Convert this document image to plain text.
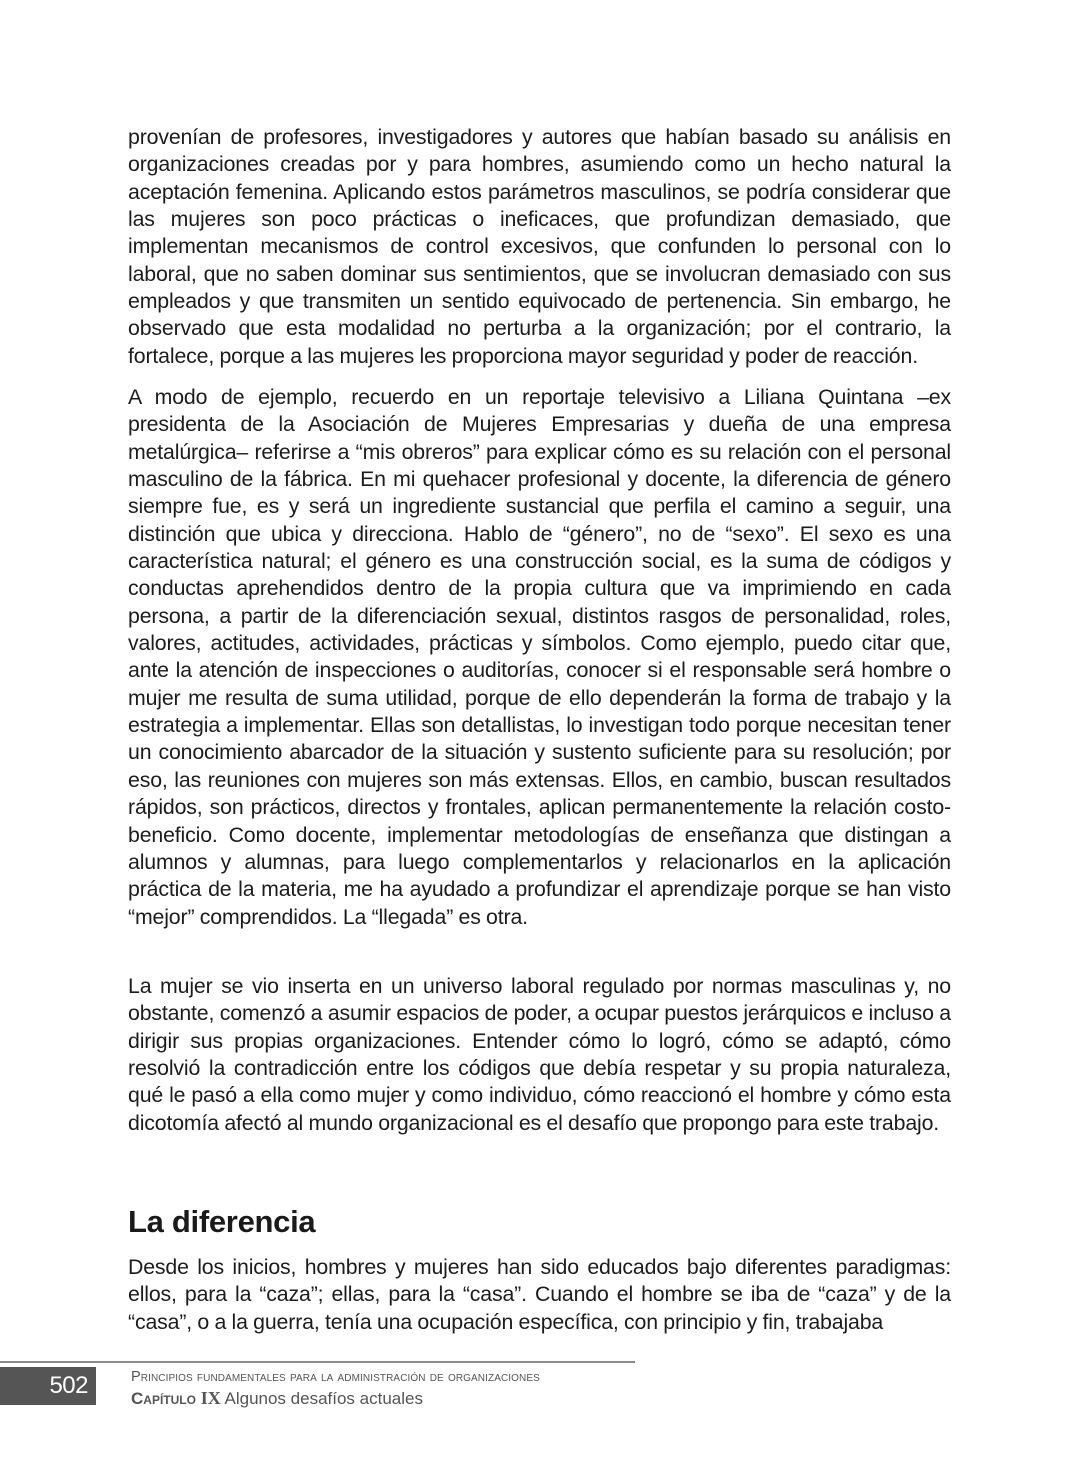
provenían de profesores, investigadores y autores que habían basado su análisis en organizaciones creadas por y para hombres, asumiendo como un hecho natural la aceptación femenina. Aplicando estos parámetros masculinos, se podría considerar que las mujeres son poco prácticas o ineficaces, que profundizan demasiado, que implementan mecanismos de control excesivos, que confunden lo personal con lo laboral, que no saben dominar sus sentimientos, que se involucran demasiado con sus empleados y que transmiten un sentido equivocado de pertenencia. Sin embargo, he observado que esta modalidad no perturba a la organización; por el contrario, la fortalece, porque a las mujeres les proporciona mayor seguridad y poder de reacción.

A modo de ejemplo, recuerdo en un reportaje televisivo a Liliana Quintana –ex presidenta de la Asociación de Mujeres Empresarias y dueña de una empresa metalúrgica– referirse a “mis obreros” para explicar cómo es su relación con el personal masculino de la fábrica. En mi quehacer profesional y docente, la diferencia de género siempre fue, es y será un ingrediente sustancial que perfila el camino a seguir, una distinción que ubica y direcciona. Hablo de “género”, no de “sexo”. El sexo es una característica natural; el género es una construcción social, es la suma de códigos y conductas aprehendidos dentro de la propia cultura que va imprimiendo en cada persona, a partir de la diferenciación sexual, distintos rasgos de personalidad, roles, valores, actitudes, actividades, prácticas y símbolos. Como ejemplo, puedo citar que, ante la atención de inspecciones o auditorías, conocer si el responsable será hombre o mujer me resulta de suma utilidad, porque de ello dependerán la forma de trabajo y la estrategia a implementar. Ellas son detallistas, lo investigan todo porque necesitan tener un conocimiento abarcador de la situación y sustento suficiente para su resolución; por eso, las reuniones con mujeres son más extensas. Ellos, en cambio, buscan resultados rápidos, son prácticos, directos y frontales, aplican permanentemente la relación costo-beneficio. Como docente, implementar metodologías de enseñanza que distingan a alumnos y alumnas, para luego complementarlos y relacionarlos en la aplicación práctica de la materia, me ha ayudado a profundizar el aprendizaje porque se han visto “mejor” comprendidos. La “llegada” es otra.

La mujer se vio inserta en un universo laboral regulado por normas masculinas y, no obstante, comenzó a asumir espacios de poder, a ocupar puestos jerárquicos e incluso a dirigir sus propias organizaciones. Entender cómo lo logró, cómo se adaptó, cómo resolvió la contradicción entre los códigos que debía respetar y su propia naturaleza, qué le pasó a ella como mujer y como individuo, cómo reaccionó el hombre y cómo esta dicotomía afectó al mundo organizacional es el desafío que propongo para este trabajo.

La diferencia

Desde los inicios, hombres y mujeres han sido educados bajo diferentes paradigmas: ellos, para la “caza”; ellas, para la “casa”. Cuando el hombre se iba de “caza” y de la “casa”, o a la guerra, tenía una ocupación específica, con principio y fin, trabajaba

502	Principios fundamentales para la administración de organizaciones
Capítulo IX Algunos desafíos actuales
